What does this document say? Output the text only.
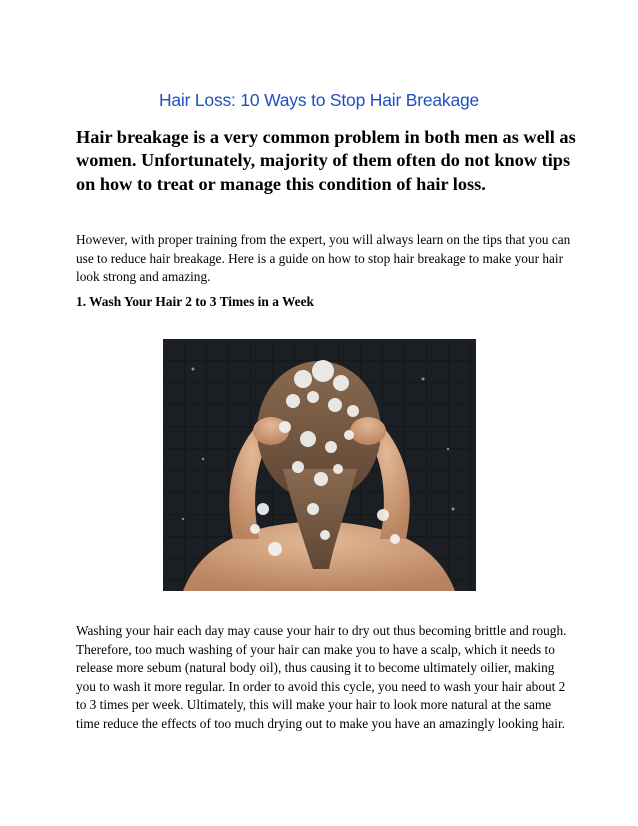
Hair Loss: 10 Ways to Stop Hair Breakage

Hair breakage is a very common problem in both men as well as women. Unfortunately, majority of them often do not know tips on how to treat or manage this condition of hair loss.

However, with proper training from the expert, you will always learn on the tips that you can use to reduce hair breakage. Here is a guide on how to stop hair breakage to make your hair look strong and amazing.

1. Wash Your Hair 2 to 3 Times in a Week

Washing your hair each day may cause your hair to dry out thus becoming brittle and rough. Therefore, too much washing of your hair can make you to have a scalp, which it needs to release more sebum (natural body oil), thus causing it to become ultimately oilier, making you to wash it more regular. In order to avoid this cycle, you need to wash your hair about 2 to 3 times per week. Ultimately, this will make your hair to look more natural at the same time reduce the effects of too much drying out to make you have an amazingly looking hair.
